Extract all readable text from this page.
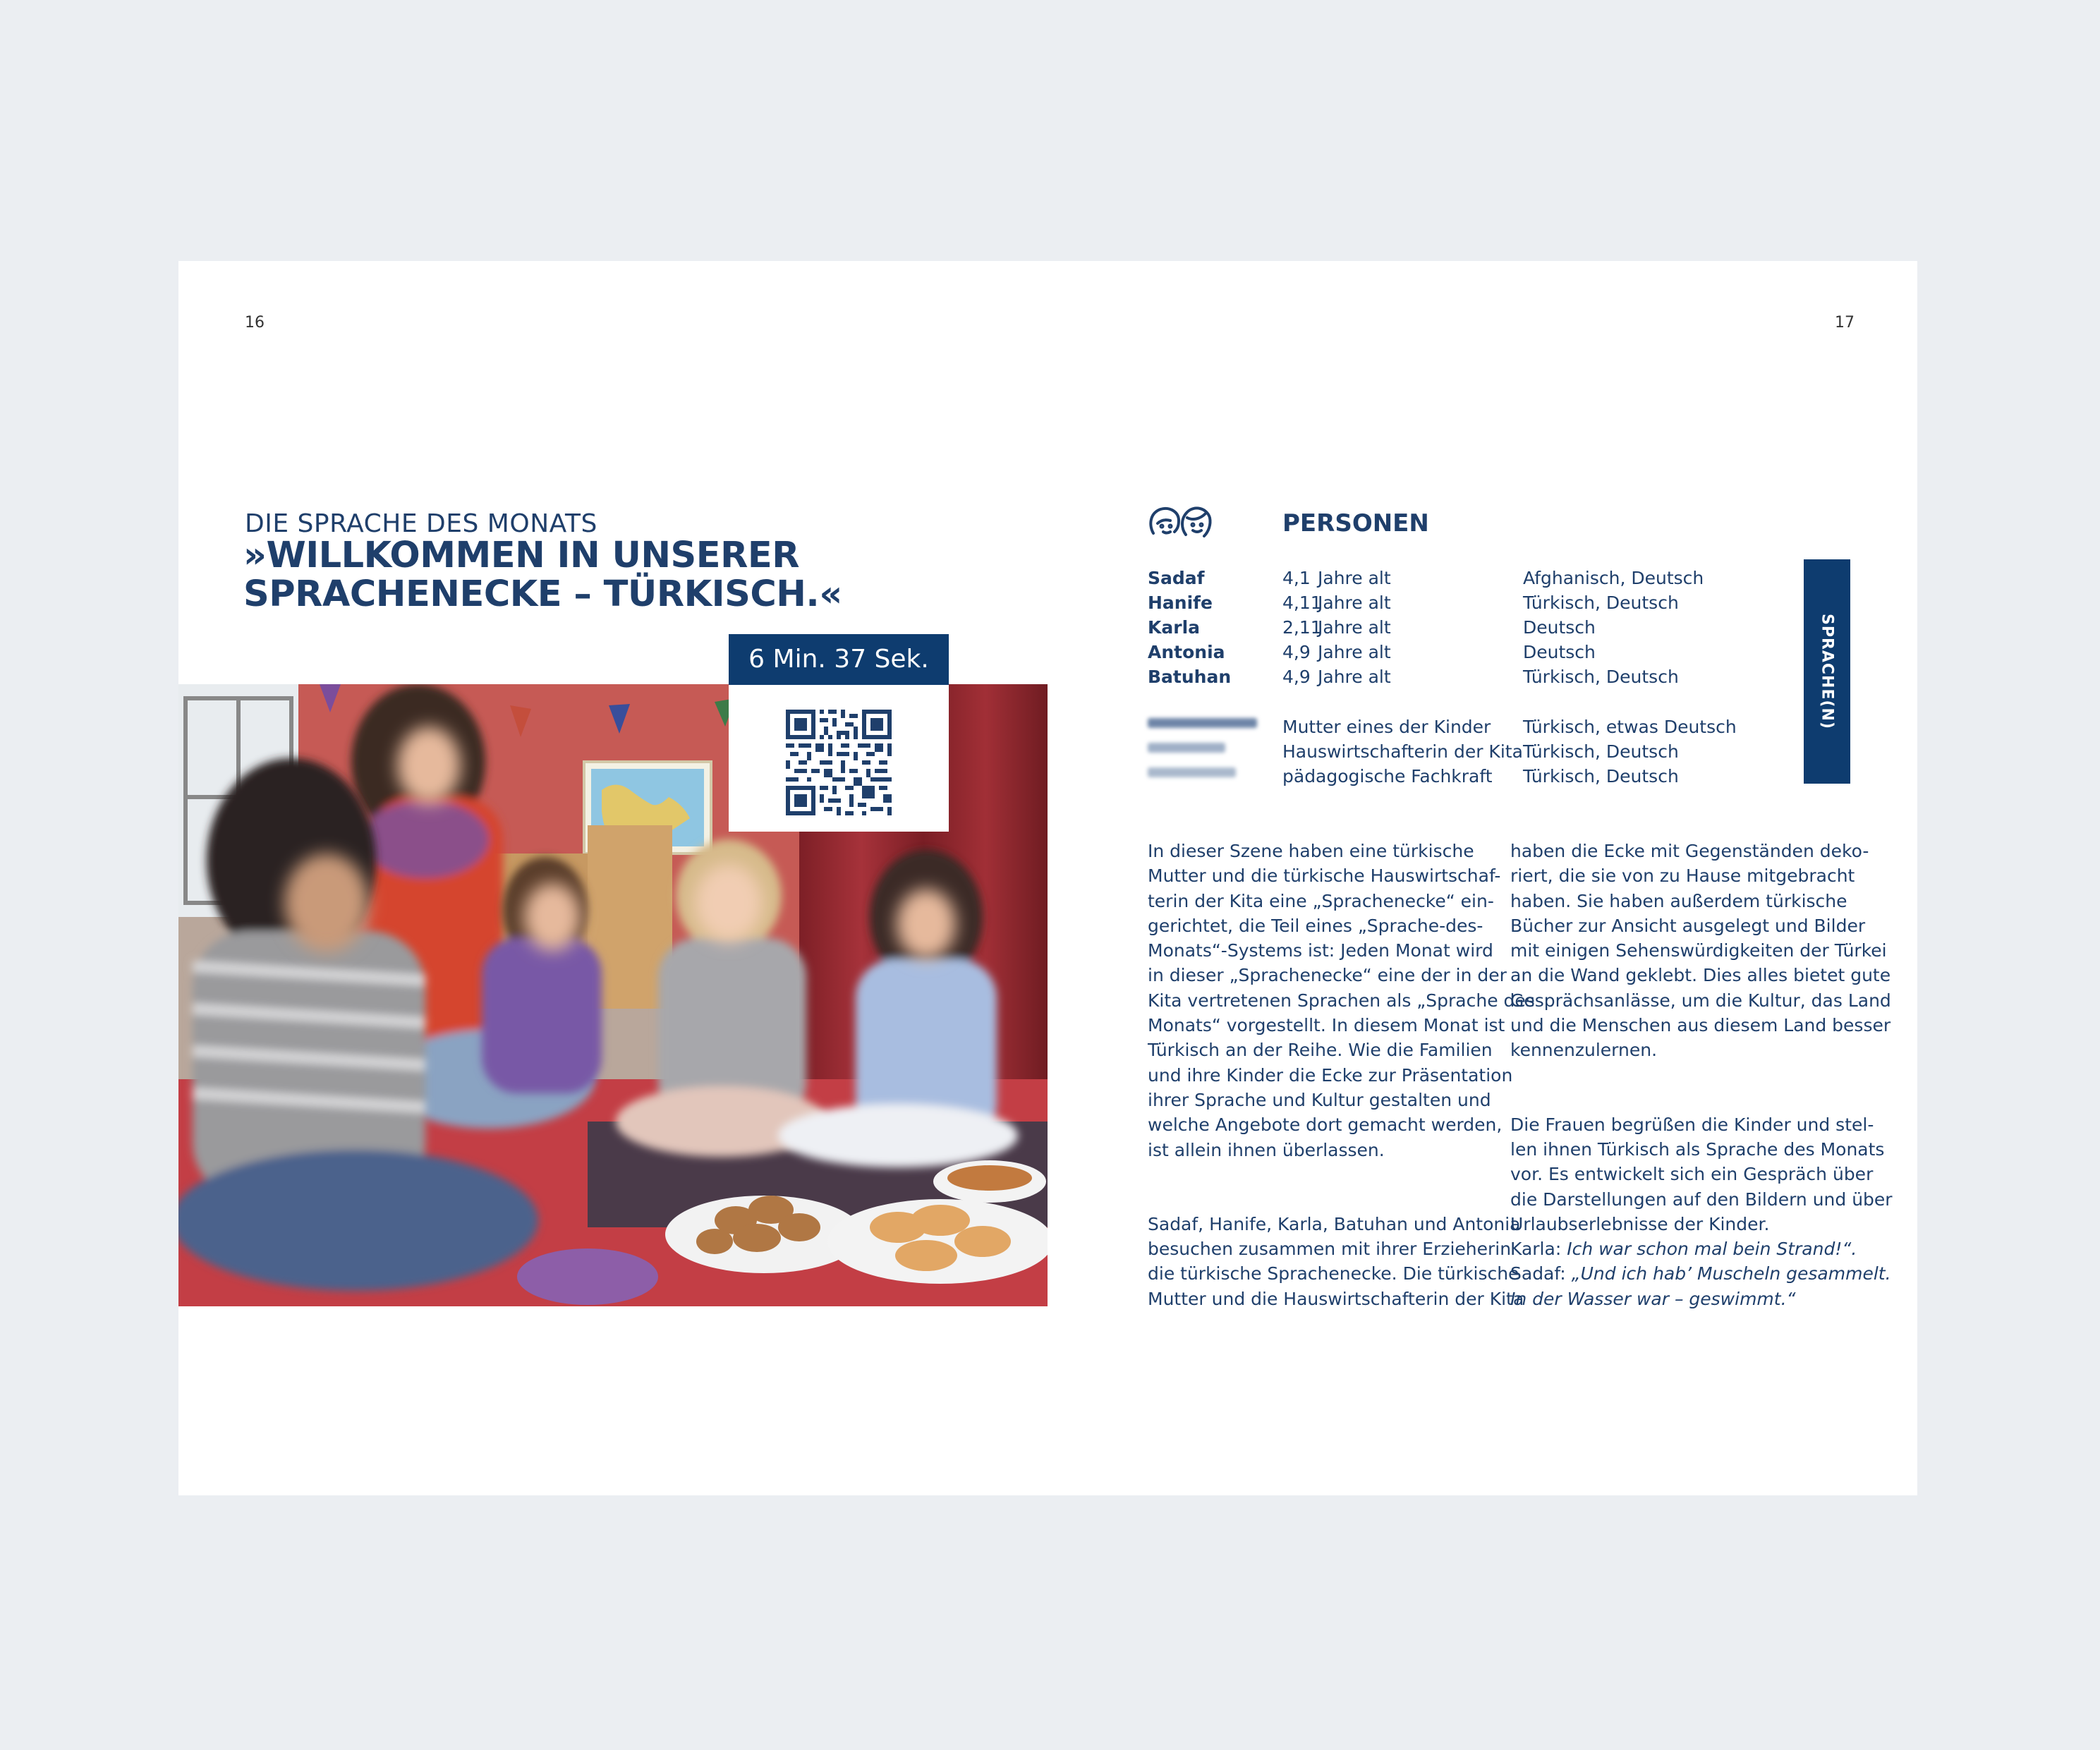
16	17
DIE SPRACHE DES MONATS
»WILLKOMMEN IN UNSERER
SPRACHENECKE – TÜRKISCH.«
6 Min. 37 Sek.
PERSONEN
SPRACHE(N)
Sadaf
Hanife
Karla
Antonia
Batuhan
4,1 Jahre alt
4,11Jahre alt
2,11Jahre alt
4,9 Jahre alt
4,9 Jahre alt
Mutter eines der Kinder
Hauswirtschafterin der Kita
pädagogische Fachkraft
Afghanisch, Deutsch
Türkisch, Deutsch
Deutsch
Deutsch
Türkisch, Deutsch
Türkisch, etwas Deutsch
Türkisch, Deutsch
Türkisch, Deutsch

In dieser Szene haben eine türkische

Mutter und die türkische Hauswirtschaf-

terin der Kita eine „Sprachenecke“ ein-

gerichtet, die Teil eines „Sprache-des-

Monats“-Systems ist: Jeden Monat wird

in dieser „Sprachenecke“ eine der in der

Kita vertretenen Sprachen als „Sprache des

Monats“ vorgestellt. In diesem Monat ist

Türkisch an der Reihe. Wie die Familien

und ihre Kinder die Ecke zur Präsentation

ihrer Sprache und Kultur gestalten und

welche Angebote dort gemacht werden,

ist allein ihnen überlassen.

Sadaf, Hanife, Karla, Batuhan und Antonia

besuchen zusammen mit ihrer Erzieherin

die türkische Sprachenecke. Die türkische

Mutter und die Hauswirtschafterin der Kita

haben die Ecke mit Gegenständen deko-

riert, die sie von zu Hause mitgebracht

haben. Sie haben außerdem türkische

Bücher zur Ansicht ausgelegt und Bilder

mit einigen Sehenswürdigkeiten der Türkei

an die Wand geklebt. Dies alles bietet gute

Gesprächsanlässe, um die Kultur, das Land

und die Menschen aus diesem Land besser

kennenzulernen.

Die Frauen begrüßen die Kinder und stel-

len ihnen Türkisch als Sprache des Monats

vor. Es entwickelt sich ein Gespräch über

die Darstellungen auf den Bildern und über

Urlaubserlebnisse der Kinder.

Karla: Ich war schon mal bein Strand!“.

Sadaf: „Und ich hab’ Muscheln gesammelt.

In der Wasser war – geswimmt.“
